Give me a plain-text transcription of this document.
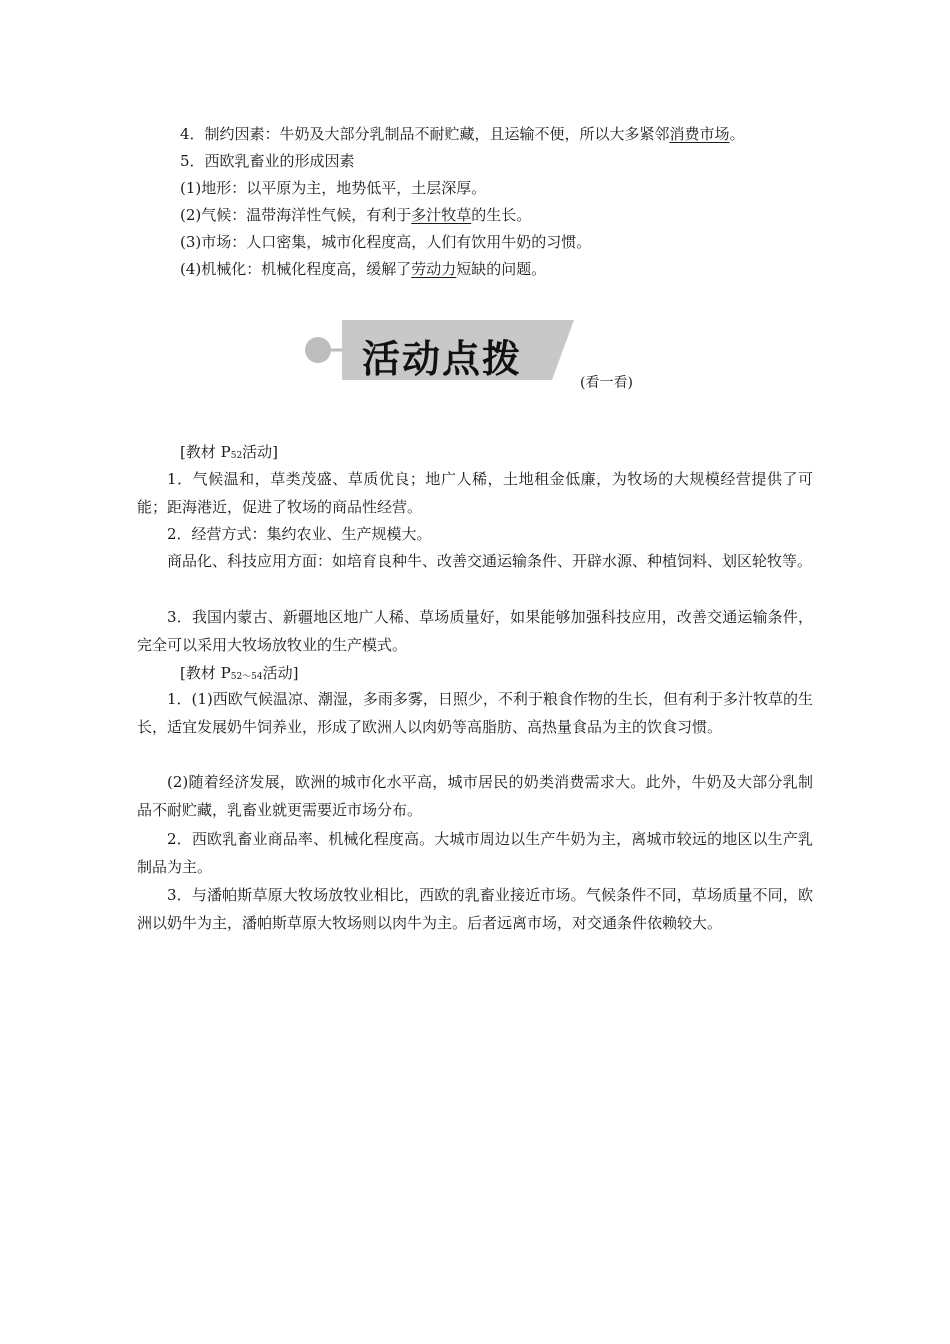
4．制约因素：牛奶及大部分乳制品不耐贮藏，且运输不便，所以大多紧邻消费市场。
5．西欧乳畜业的形成因素
(1)地形：以平原为主，地势低平，土层深厚。
(2)气候：温带海洋性气候，有利于多汁牧草的生长。
(3)市场：人口密集，城市化程度高，人们有饮用牛奶的习惯。
(4)机械化：机械化程度高，缓解了劳动力短缺的问题。
活动点拨
(看一看)
[教材 P52活动]
1．气候温和，草类茂盛、草质优良；地广人稀，土地租金低廉，为牧场的大规模经营提供了可能；距海港近，促进了牧场的商品性经营。
2．经营方式：集约农业、生产规模大。
商品化、科技应用方面：如培育良种牛、改善交通运输条件、开辟水源、种植饲料、划区轮牧等。
3．我国内蒙古、新疆地区地广人稀、草场质量好，如果能够加强科技应用，改善交通运输条件，完全可以采用大牧场放牧业的生产模式。
[教材 P52～54活动]
1．(1)西欧气候温凉、潮湿，多雨多雾，日照少，不利于粮食作物的生长，但有利于多汁牧草的生长，适宜发展奶牛饲养业，形成了欧洲人以肉奶等高脂肪、高热量食品为主的饮食习惯。
(2)随着经济发展，欧洲的城市化水平高，城市居民的奶类消费需求大。此外，牛奶及大部分乳制品不耐贮藏，乳畜业就更需要近市场分布。
2．西欧乳畜业商品率、机械化程度高。大城市周边以生产牛奶为主，离城市较远的地区以生产乳制品为主。
3．与潘帕斯草原大牧场放牧业相比，西欧的乳畜业接近市场。气候条件不同，草场质量不同，欧洲以奶牛为主，潘帕斯草原大牧场则以肉牛为主。后者远离市场，对交通条件依赖较大。
